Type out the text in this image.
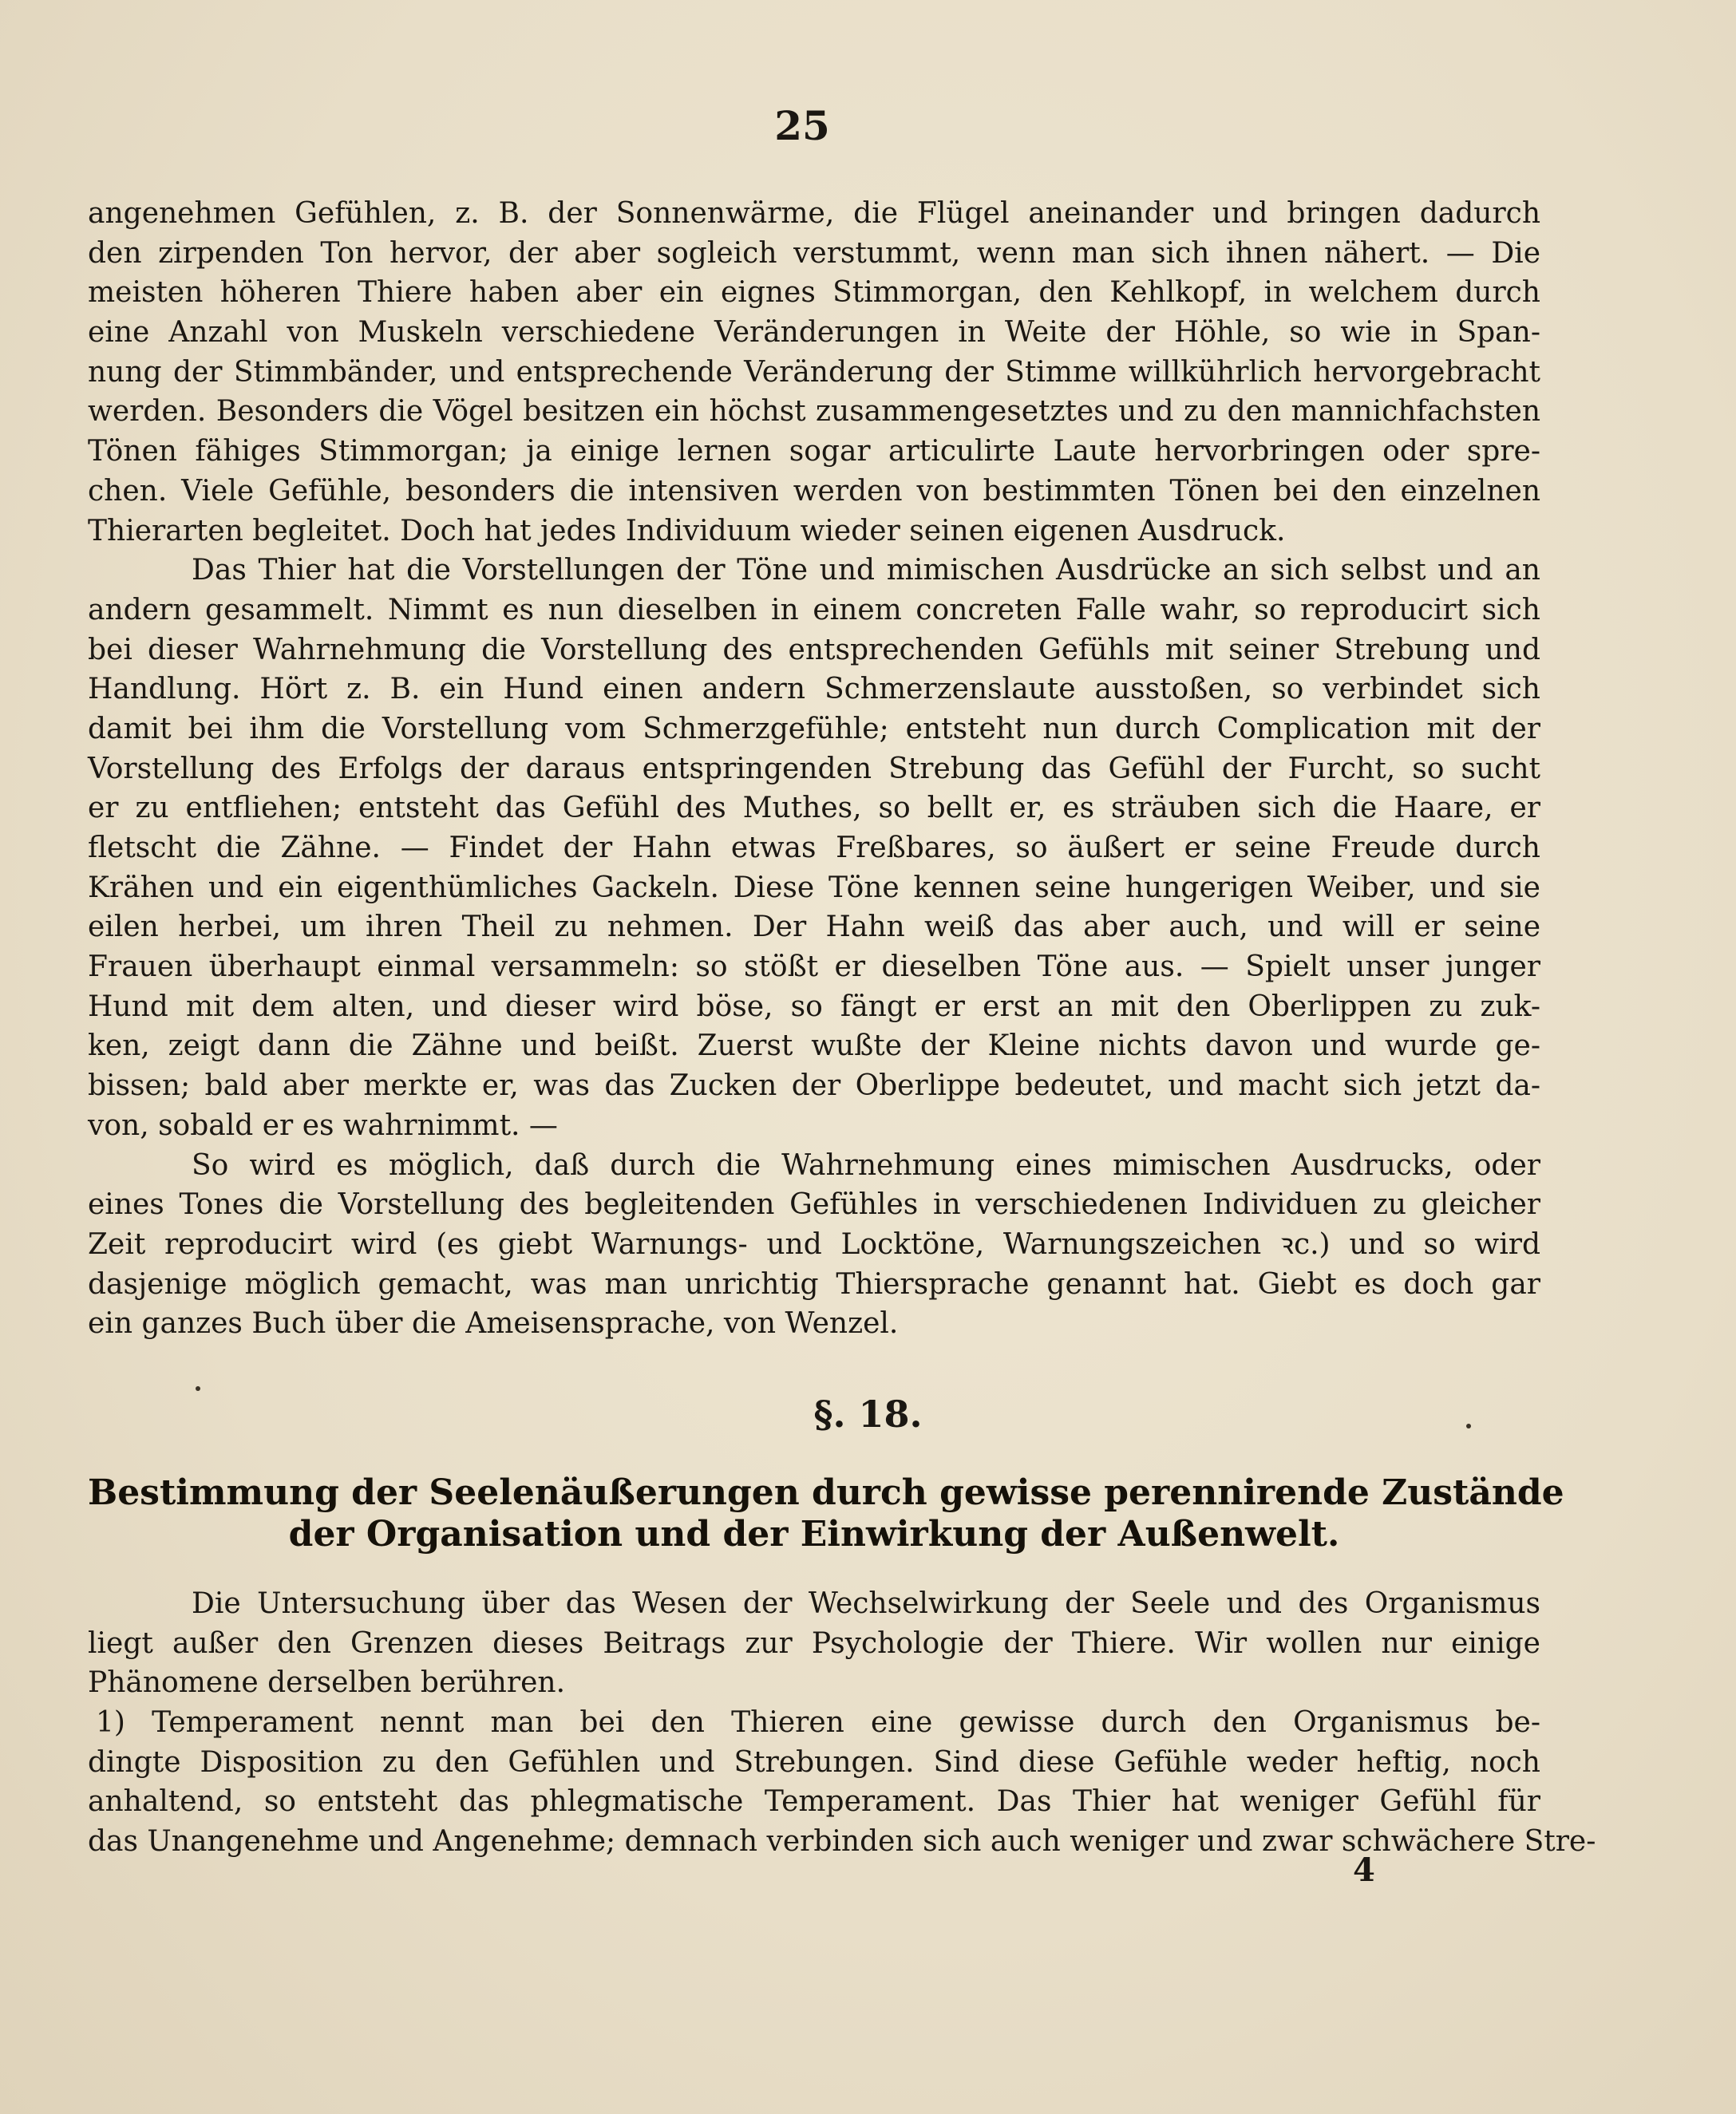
25
angenehmen Gefühlen, z. B. der Sonnenwärme, die Flügel aneinander und bringen dadurch
den zirpenden Ton hervor, der aber sogleich verstummt, wenn man sich ihnen nähert. — Die
meisten höheren Thiere haben aber ein eignes Stimmorgan, den Kehlkopf, in welchem durch
eine Anzahl von Muskeln verschiedene Veränderungen in Weite der Höhle, so wie in Span-
nung der Stimmbänder, und entsprechende Veränderung der Stimme willkührlich hervorgebracht
werden. Besonders die Vögel besitzen ein höchst zusammengesetztes und zu den mannichfachsten
Tönen fähiges Stimmorgan; ja einige lernen sogar articulirte Laute hervorbringen oder spre-
chen. Viele Gefühle, besonders die intensiven werden von bestimmten Tönen bei den einzelnen
Thierarten begleitet. Doch hat jedes Individuum wieder seinen eigenen Ausdruck.
Das Thier hat die Vorstellungen der Töne und mimischen Ausdrücke an sich selbst und an
andern gesammelt. Nimmt es nun dieselben in einem concreten Falle wahr, so reproducirt sich
bei dieser Wahrnehmung die Vorstellung des entsprechenden Gefühls mit seiner Strebung und
Handlung. Hört z. B. ein Hund einen andern Schmerzenslaute ausstoßen, so verbindet sich
damit bei ihm die Vorstellung vom Schmerzgefühle; entsteht nun durch Complication mit der
Vorstellung des Erfolgs der daraus entspringenden Strebung das Gefühl der Furcht, so sucht
er zu entfliehen; entsteht das Gefühl des Muthes, so bellt er, es sträuben sich die Haare, er
fletscht die Zähne. — Findet der Hahn etwas Freßbares, so äußert er seine Freude durch
Krähen und ein eigenthümliches Gackeln. Diese Töne kennen seine hungerigen Weiber, und sie
eilen herbei, um ihren Theil zu nehmen. Der Hahn weiß das aber auch, und will er seine
Frauen überhaupt einmal versammeln: so stößt er dieselben Töne aus. — Spielt unser junger
Hund mit dem alten, und dieser wird böse, so fängt er erst an mit den Oberlippen zu zuk-
ken, zeigt dann die Zähne und beißt. Zuerst wußte der Kleine nichts davon und wurde ge-
bissen; bald aber merkte er, was das Zucken der Oberlippe bedeutet, und macht sich jetzt da-
von, sobald er es wahrnimmt. —
So wird es möglich, daß durch die Wahrnehmung eines mimischen Ausdrucks, oder
eines Tones die Vorstellung des begleitenden Gefühles in verschiedenen Individuen zu gleicher
Zeit reproducirt wird (es giebt Warnungs- und Locktöne, Warnungszeichen ꝛc.) und so wird
dasjenige möglich gemacht, was man unrichtig Thiersprache genannt hat. Giebt es doch gar
ein ganzes Buch über die Ameisensprache, von Wenzel.
§. 18.
Bestimmung der Seelenäußerungen durch gewisse perennirende Zustände
der Organisation und der Einwirkung der Außenwelt.
Die Untersuchung über das Wesen der Wechselwirkung der Seele und des Organismus
liegt außer den Grenzen dieses Beitrags zur Psychologie der Thiere. Wir wollen nur einige
Phänomene derselben berühren.
1) Temperament nennt man bei den Thieren eine gewisse durch den Organismus be-
dingte Disposition zu den Gefühlen und Strebungen. Sind diese Gefühle weder heftig, noch
anhaltend, so entsteht das phlegmatische Temperament. Das Thier hat weniger Gefühl für
das Unangenehme und Angenehme; demnach verbinden sich auch weniger und zwar schwächere Stre-
4
